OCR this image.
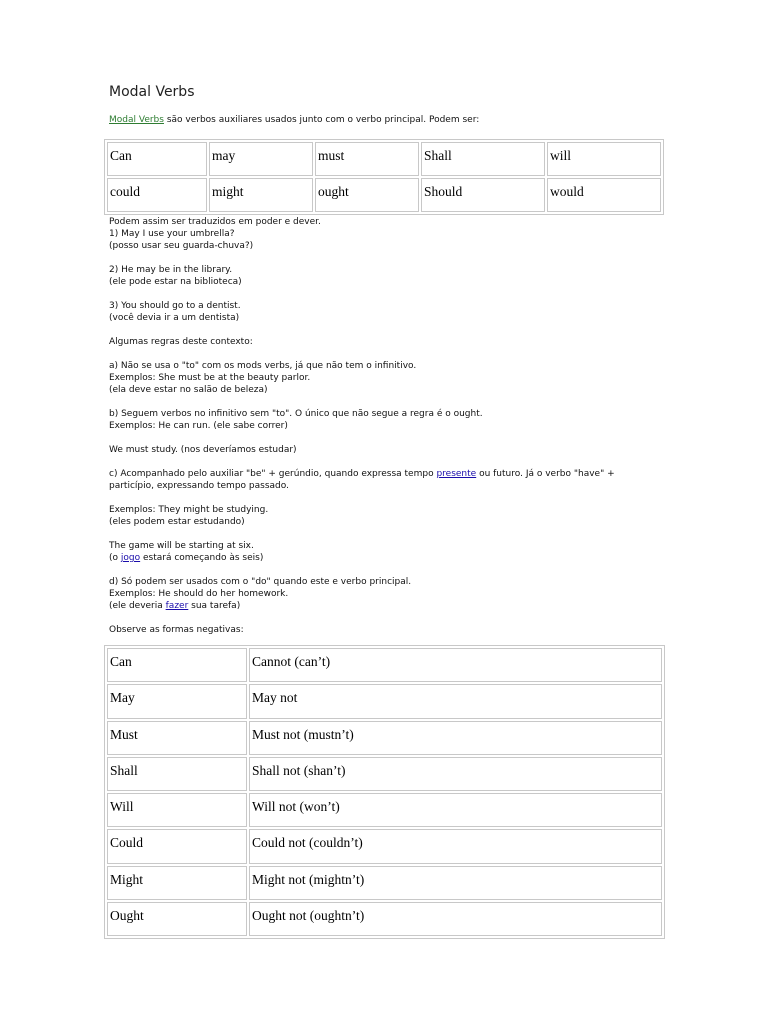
Modal Verbs
Modal Verbs são verbos auxiliares usados junto com o verbo principal. Podem ser:
Can	may	must	Shall	will
could	might	ought	Should	would

Podem assim ser traduzidos em poder e dever.
1) May I use your umbrella?
(posso usar seu guarda-chuva?)

2) He may be in the library.
(ele pode estar na biblioteca)

3) You should go to a dentist.
(você devia ir a um dentista)

Algumas regras deste contexto:

a) Não se usa o "to" com os mods verbs, já que não tem o infinitivo.
Exemplos: She must be at the beauty parlor.
(ela deve estar no salão de beleza)

b) Seguem verbos no infinitivo sem "to". O único que não segue a regra é o ought.
Exemplos: He can run. (ele sabe correr)

We must study. (nos deveríamos estudar)

c) Acompanhado pelo auxiliar "be" + gerúndio, quando expressa tempo presente ou futuro. Já o verbo "have" +
particípio, expressando tempo passado.

Exemplos: They might be studying.
(eles podem estar estudando)

The game will be starting at six.
(o jogo estará começando às seis)

d) Só podem ser usados com o "do" quando este e verbo principal.
Exemplos: He should do her homework.
(ele deveria fazer sua tarefa)

Observe as formas negativas:

Can	Cannot (can’t)
May	May not
Must	Must not (mustn’t)
Shall	Shall not (shan’t)
Will	Will not (won’t)
Could	Could not (couldn’t)
Might	Might not (mightn’t)
Ought	Ought not (oughtn’t)
